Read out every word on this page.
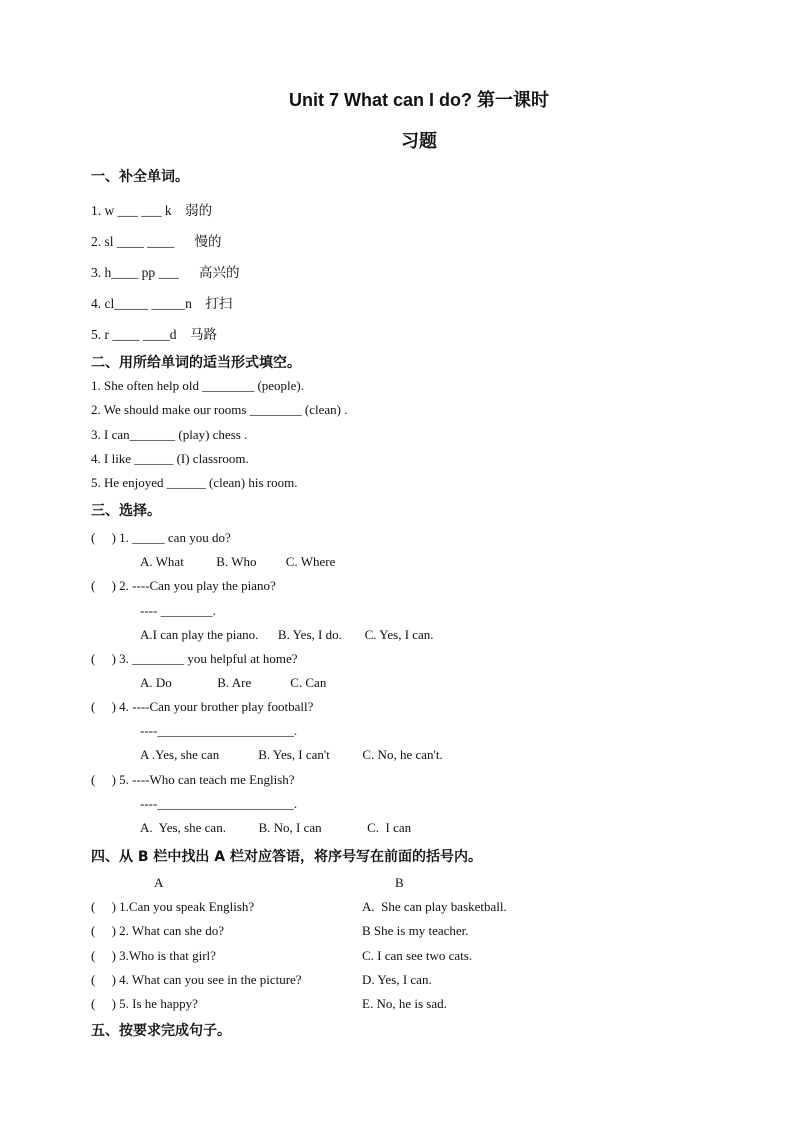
Unit 7 What can I do? 第一课时
习题
一、补全单词。
1. w ___ ___ k    弱的
2. sl ____ ____      慢的
3. h____ pp ___      高兴的
4. cl_____ _____n    打扫
5. r ____ ____d    马路
二、用所给单词的适当形式填空。
1. She often help old ________ (people).
2. We should make our rooms ________ (clean) .
3. I can_______ (play) chess .
4. I like ______ (I) classroom.
5. He enjoyed ______ (clean) his room.
三、选择。
(     ) 1. _____ can you do?
A. What          B. Who         C. Where
(     ) 2. ----Can you play the piano?
---- ________.
A.I can play the piano.      B. Yes, I do.       C. Yes, I can.
(     ) 3. ________ you helpful at home?
A. Do              B. Are            C. Can
(     ) 4. ----Can your brother play football?
----_____________________.
A .Yes, she can            B. Yes, I can't          C. No, he can't.
(     ) 5. ----Who can teach me English?
----_____________________.
A.  Yes, she can.          B. No, I can              C.  I can
四、从 B 栏中找出 A 栏对应答语，将序号写在前面的括号内。
A	B
(     ) 1.Can you speak English?	A.  She can play basketball.
(     ) 2. What can she do?	B She is my teacher.
(     ) 3.Who is that girl?	C. I can see two cats.
(     ) 4. What can you see in the picture?	D. Yes, I can.
(     ) 5. Is he happy?	E. No, he is sad.
五、按要求完成句子。
